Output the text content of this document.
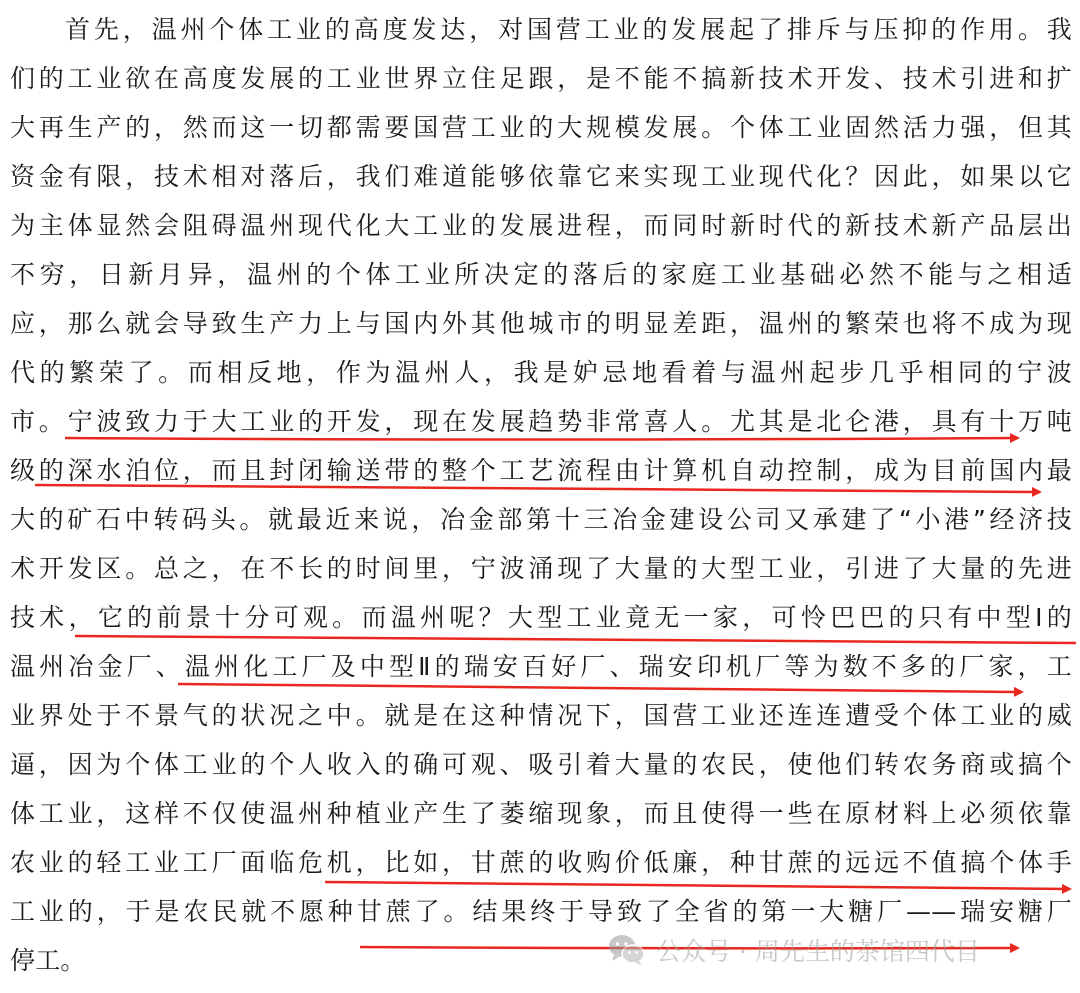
首先，温州个体工业的高度发达，对国营工业的发展起了排斥与压抑的作用。我
们的工业欲在高度发展的工业世界立住足跟，是不能不搞新技术开发、技术引进和扩
大再生产的，然而这一切都需要国营工业的大规模发展。个体工业固然活力强，但其
资金有限，技术相对落后，我们难道能够依靠它来实现工业现代化？因此，如果以它
为主体显然会阻碍温州现代化大工业的发展进程，而同时新时代的新技术新产品层出
不穷，日新月异，温州的个体工业所决定的落后的家庭工业基础必然不能与之相适
应，那么就会导致生产力上与国内外其他城市的明显差距，温州的繁荣也将不成为现
代的繁荣了。而相反地，作为温州人，我是妒忌地看着与温州起步几乎相同的宁波
市。宁波致力于大工业的开发，现在发展趋势非常喜人。尤其是北仑港，具有十万吨
级的深水泊位，而且封闭输送带的整个工艺流程由计算机自动控制，成为目前国内最
大的矿石中转码头。就最近来说，冶金部第十三冶金建设公司又承建了“小港”经济技
术开发区。总之，在不长的时间里，宁波涌现了大量的大型工业，引进了大量的先进
技术，它的前景十分可观。而温州呢？大型工业竟无一家，可怜巴巴的只有中型Ⅰ的
温州冶金厂、温州化工厂及中型Ⅱ的瑞安百好厂、瑞安印机厂等为数不多的厂家，工
业界处于不景气的状况之中。就是在这种情况下，国营工业还连连遭受个体工业的威
逼，因为个体工业的个人收入的确可观、吸引着大量的农民，使他们转农务商或搞个
体工业，这样不仅使温州种植业产生了萎缩现象，而且使得一些在原材料上必须依靠
农业的轻工业工厂面临危机，比如，甘蔗的收购价低廉，种甘蔗的远远不值搞个体手
工业的，于是农民就不愿种甘蔗了。结果终于导致了全省的第一大糖厂——瑞安糖厂
停工。	公众号 · 周先生的茶馆四代目
